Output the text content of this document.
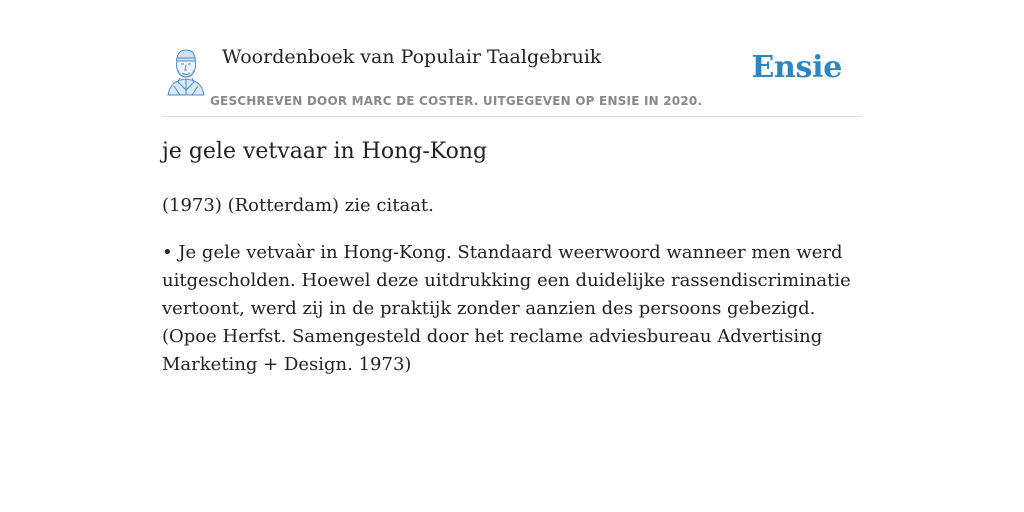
Woordenboek van Populair Taalgebruik
GESCHREVEN DOOR MARC DE COSTER. UITGEGEVEN OP ENSIE IN 2020.
Ensie
je gele vetvaar in Hong-Kong

(1973) (Rotterdam) zie citaat.

• Je gele vetvaàr in Hong-Kong. Standaard weerwoord wanneer men werd uitgescholden. Hoewel deze uitdrukking een duidelijke rassendiscriminatie vertoont, werd zij in de praktijk zonder aanzien des persoons gebezigd. (Opoe Herfst. Samengesteld door het reclame adviesbureau Advertising Marketing + Design. 1973)
